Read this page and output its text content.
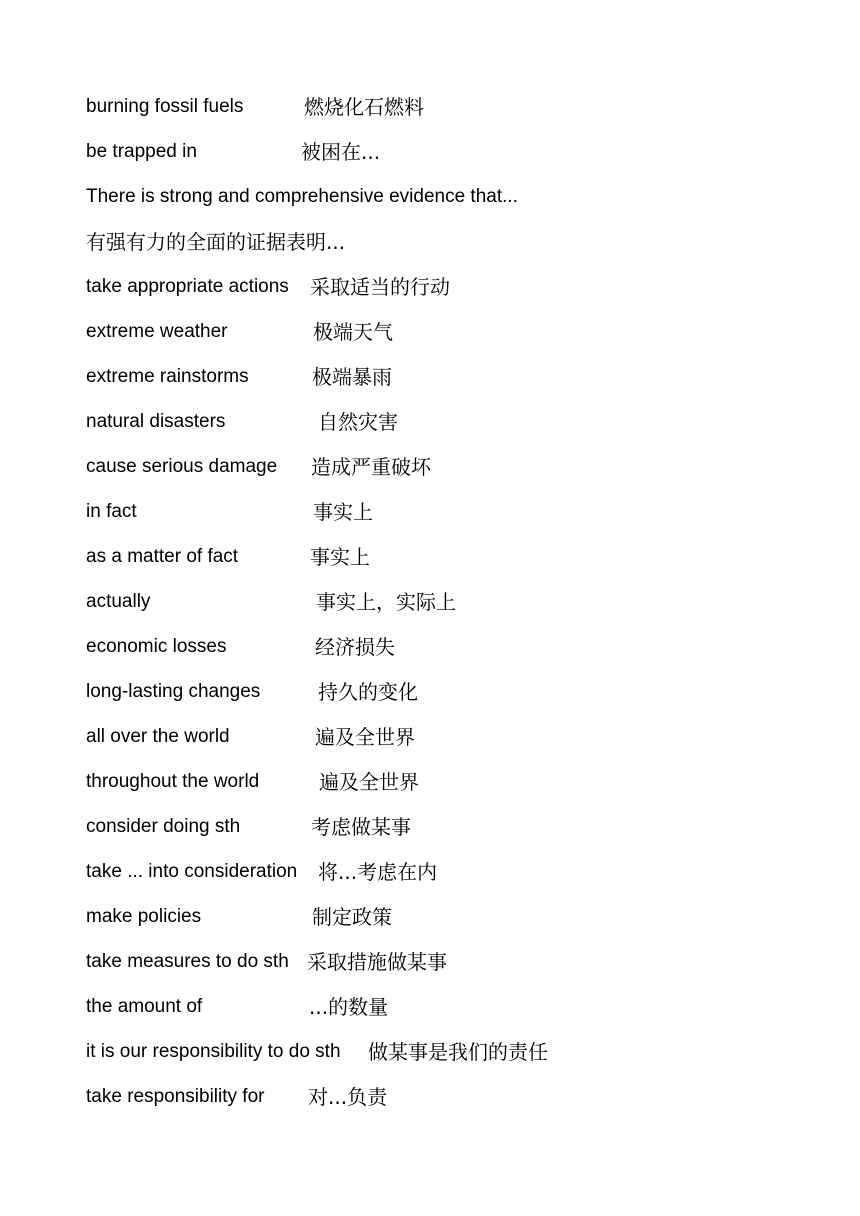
burning fossil fuels	燃烧化石燃料
be trapped in	被困在...
There is strong and comprehensive evidence that...
有强有力的全面的证据表明...
take appropriate actions 采取适当的行动
extreme weather	极端天气
extreme rainstorms	极端暴雨
natural disasters	自然灾害
cause serious damage 造成严重破坏
in fact	事实上
as a matter of fact	事实上
actually	事实上，实际上
economic losses	经济损失
long-lasting changes	持久的变化
all over the world	遍及全世界
throughout the world	遍及全世界
consider doing sth	考虑做某事
take ... into consideration 将...考虑在内
make policies	制定政策
take measures to do sth 采取措施做某事
the amount of	...的数量
it is our responsibility to do sth 做某事是我们的责任
take responsibility for 对...负责
